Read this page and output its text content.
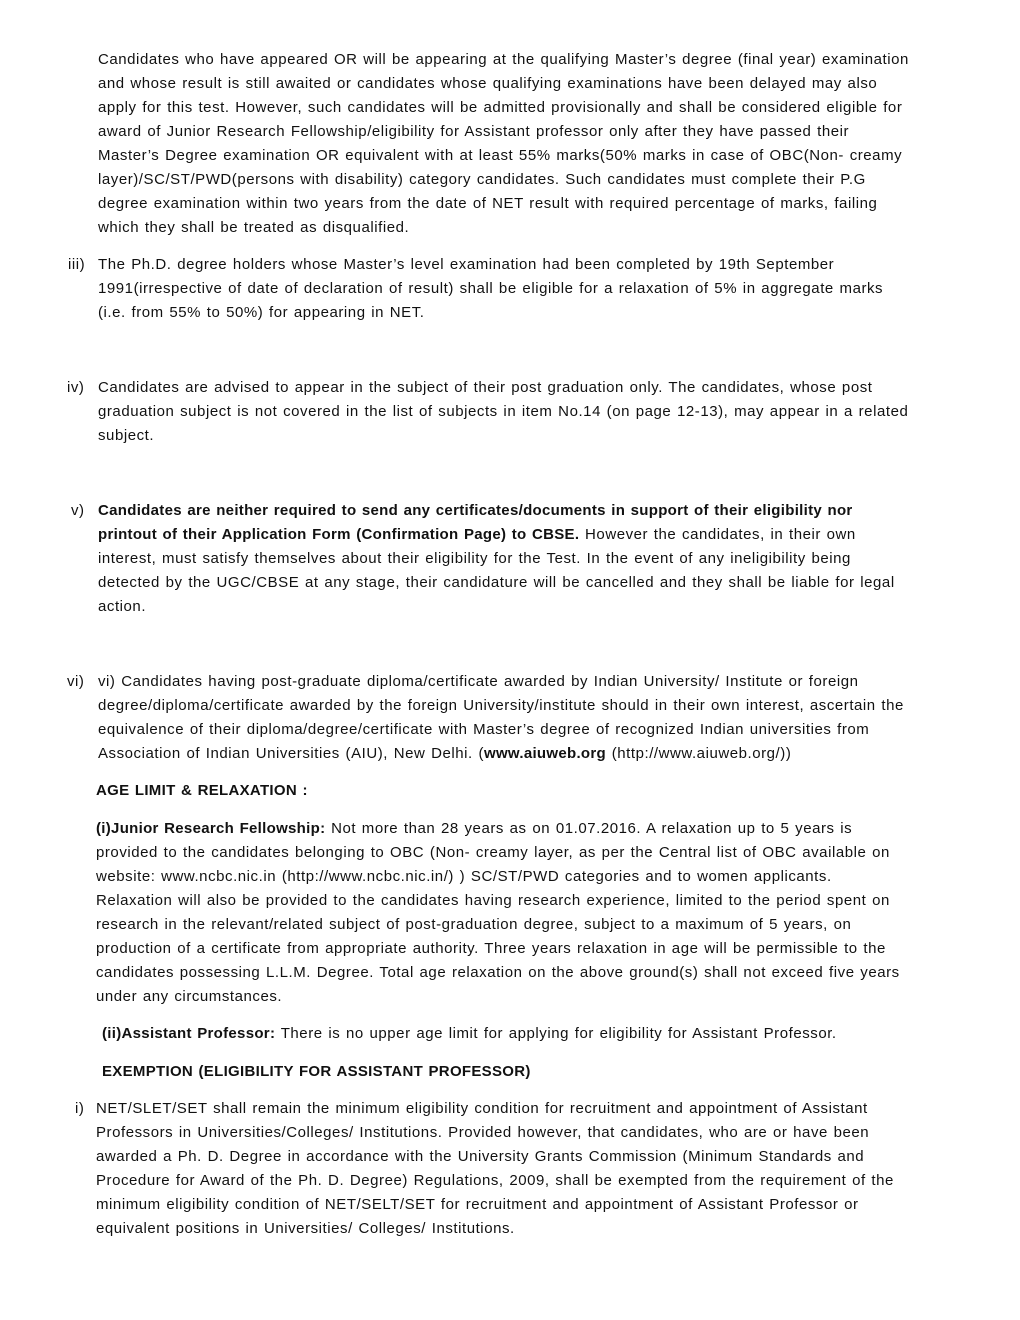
AGE LIMIT & RELAXATION :
EXEMPTION (ELIGIBILITY FOR ASSISTANT PROFESSOR)
Candidates who have appeared OR will be appearing at the qualifying Master’s degree (final year) examination
and whose result is still awaited or candidates whose qualifying examinations have been delayed may also
apply for this test. However, such candidates will be admitted provisionally and shall be considered eligible for
award of Junior Research Fellowship/eligibility for Assistant professor only after they have passed their
Master’s Degree examination OR equivalent with at least 55% marks(50% marks in case of OBC(Non- creamy
layer)/SC/ST/PWD(persons with disability) category candidates. Such candidates must complete their P.G
degree examination within two years from the date of NET result with required percentage of marks, failing
which they shall be treated as disqualified.
iii) The Ph.D. degree holders whose Master’s level examination had been completed by 19th September
1991(irrespective of date of declaration of result) shall be eligible for a relaxation of 5% in aggregate marks
(i.e. from 55% to 50%) for appearing in NET.
iv) Candidates are advised to appear in the subject of their post graduation only. The candidates, whose post
graduation subject is not covered in the list of subjects in item No.14 (on page 12-13), may appear in a related
subject.
v) Candidates are neither required to send any certificates/documents in support of their eligibility nor
printout of their Application Form (Confirmation Page) to CBSE. However the candidates, in their own
interest, must satisfy themselves about their eligibility for the Test. In the event of any ineligibility being
detected by the UGC/CBSE at any stage, their candidature will be cancelled and they shall be liable for legal
action.
vi) vi) Candidates having post-graduate diploma/certificate awarded by Indian University/ Institute or foreign
degree/diploma/certificate awarded by the foreign University/institute should in their own interest, ascertain the
equivalence of their diploma/degree/certificate with Master’s degree of recognized Indian universities from
Association of Indian Universities (AIU), New Delhi. (www.aiuweb.org (http://www.aiuweb.org/))
(i)Junior Research Fellowship: Not more than 28 years as on 01.07.2016. A relaxation up to 5 years is
provided to the candidates belonging to OBC (Non- creamy layer, as per the Central list of OBC available on
website: www.ncbc.nic.in (http://www.ncbc.nic.in/) ) SC/ST/PWD categories and to women applicants.
Relaxation will also be provided to the candidates having research experience, limited to the period spent on
research in the relevant/related subject of post-graduation degree, subject to a maximum of 5 years, on
production of a certificate from appropriate authority. Three years relaxation in age will be permissible to the
candidates possessing L.L.M. Degree. Total age relaxation on the above ground(s) shall not exceed five years
under any circumstances.
(ii)Assistant Professor: There is no upper age limit for applying for eligibility for Assistant Professor.
i) NET/SLET/SET shall remain the minimum eligibility condition for recruitment and appointment of Assistant
Professors in Universities/Colleges/ Institutions. Provided however, that candidates, who are or have been
awarded a Ph. D. Degree in accordance with the University Grants Commission (Minimum Standards and
Procedure for Award of the Ph. D. Degree) Regulations, 2009, shall be exempted from the requirement of the
minimum eligibility condition of NET/SELT/SET for recruitment and appointment of Assistant Professor or
equivalent positions in Universities/ Colleges/ Institutions.
